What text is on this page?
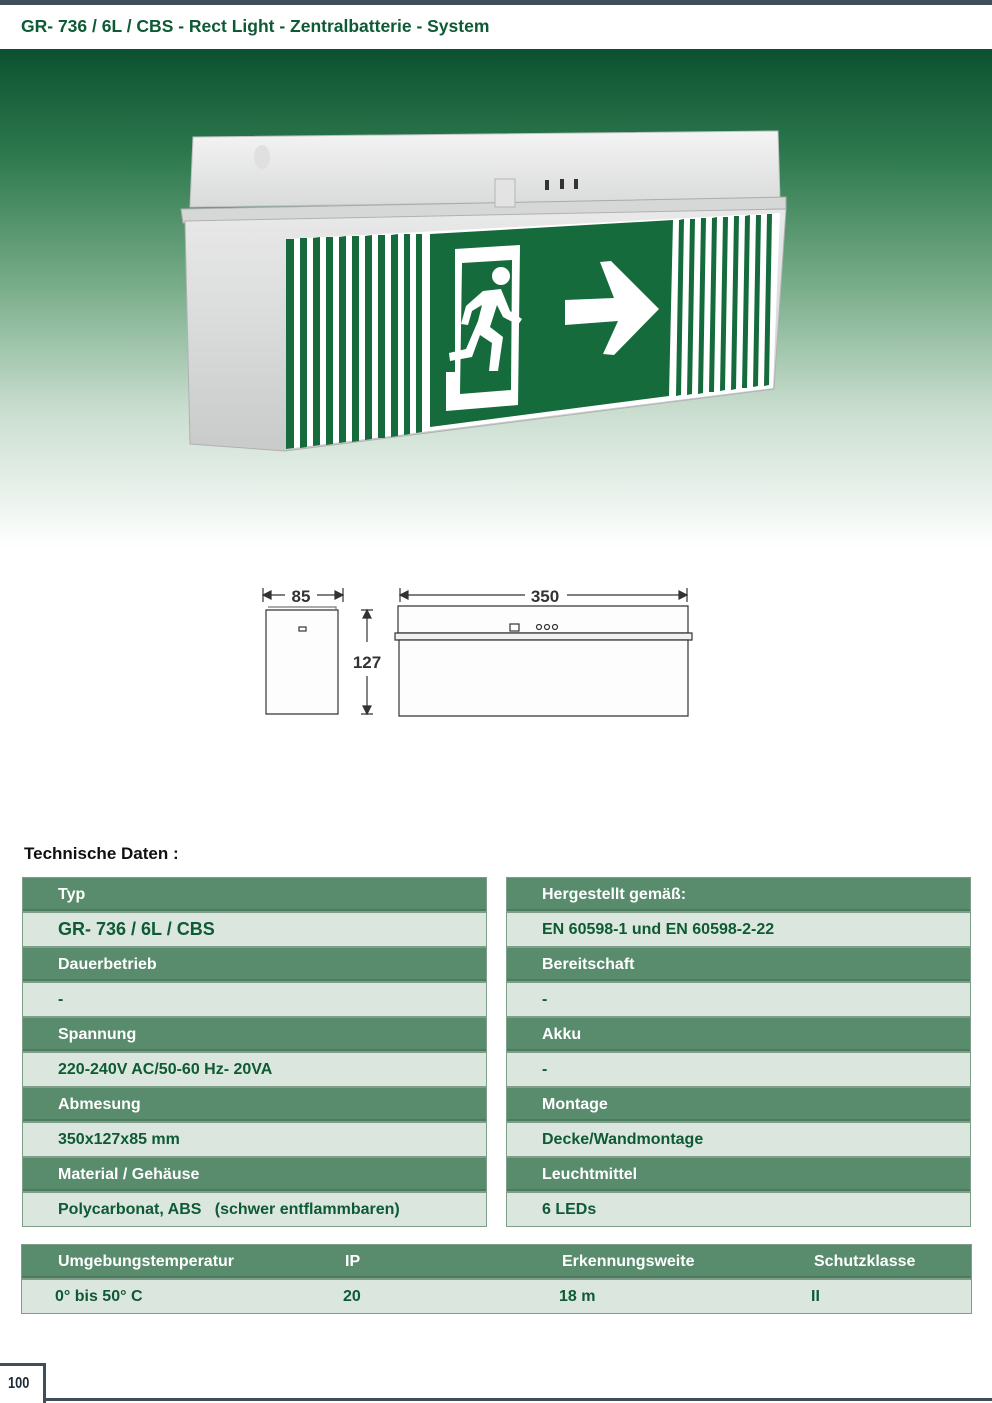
GR- 736 / 6L / CBS - Rect Light - Zentralbatterie - System
85
127
350
Technische Daten :
Typ
GR- 736 / 6L / CBS
Dauerbetrieb
-
Spannung
220-240V AC/50-60 Hz- 20VA
Abmesung
350x127x85 mm
Material / Gehäuse
Polycarbonat, ABS   (schwer entflammbaren)
Hergestellt gemäß:
EN 60598-1 und EN 60598-2-22
Bereitschaft
-
Akku
-
Montage
Decke/Wandmontage
Leuchtmittel
6 LEDs
Umgebungstemperatur	IP	Erkennungsweite	Schutzklasse
0° bis 50° C	20	18 m	II
100
